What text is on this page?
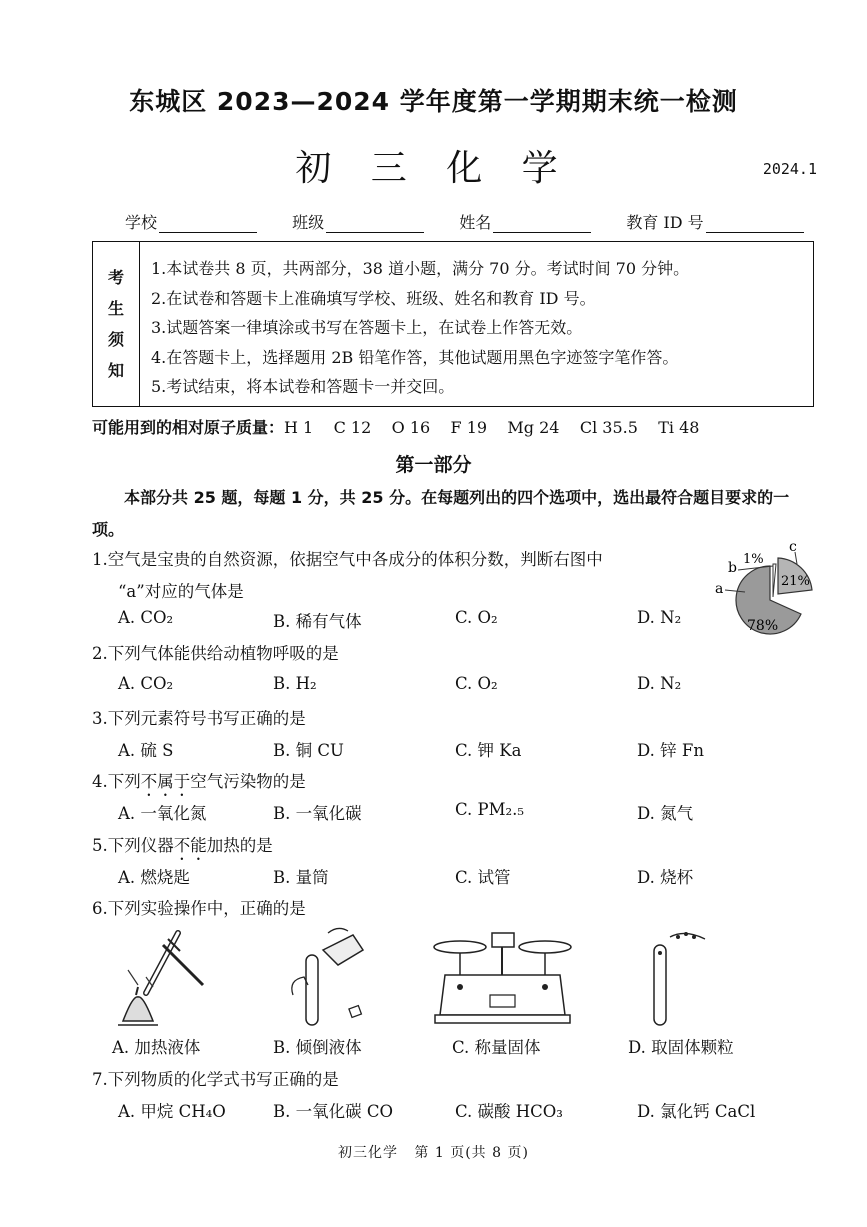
东城区 2023—2024 学年度第一学期期末统一检测
初 三 化 学	2024.1
学校	班级	姓名	教育 ID 号
考
生
须
知
1.本试卷共 8 页，共两部分，38 道小题，满分 70 分。考试时间 70 分钟。
2.在试卷和答题卡上准确填写学校、班级、姓名和教育 ID 号。
3.试题答案一律填涂或书写在答题卡上，在试卷上作答无效。
4.在答题卡上，选择题用 2B 铅笔作答，其他试题用黑色字迹签字笔作答。
5.考试结束，将本试卷和答题卡一并交回。
可能用到的相对原子质量：H 1    C 12    O 16    F 19    Mg 24    Cl 35.5    Ti 48
第一部分
本部分共 25 题，每题 1 分，共 25 分。在每题列出的四个选项中，选出最符合题目要求的一项。
1.空气是宝贵的自然资源，依据空气中各成分的体积分数，判断右图中
“a”对应的气体是
A. CO₂	B. 稀有气体	C. O₂	D. N₂
a
b
c
1%
21%
78%
2.下列气体能供给动植物呼吸的是
A. CO₂	B. H₂	C. O₂	D. N₂
3.下列元素符号书写正确的是
A. 硫 S	B. 铜 CU	C. 钾 Ka	D. 锌 Fn
4.下列不属于空气污染物的是
A. 一氧化氮	B. 一氧化碳	C. PM₂.₅	D. 氮气
5.下列仪器不能加热的是
A. 燃烧匙	B. 量筒	C. 试管	D. 烧杯
6.下列实验操作中，正确的是
A. 加热液体	B. 倾倒液体	C. 称量固体	D. 取固体颗粒
7.下列物质的化学式书写正确的是
A. 甲烷 CH₄O	B. 一氧化碳 CO	C. 碳酸 HCO₃	D. 氯化钙 CaCl
初三化学   第 1 页(共 8 页)
